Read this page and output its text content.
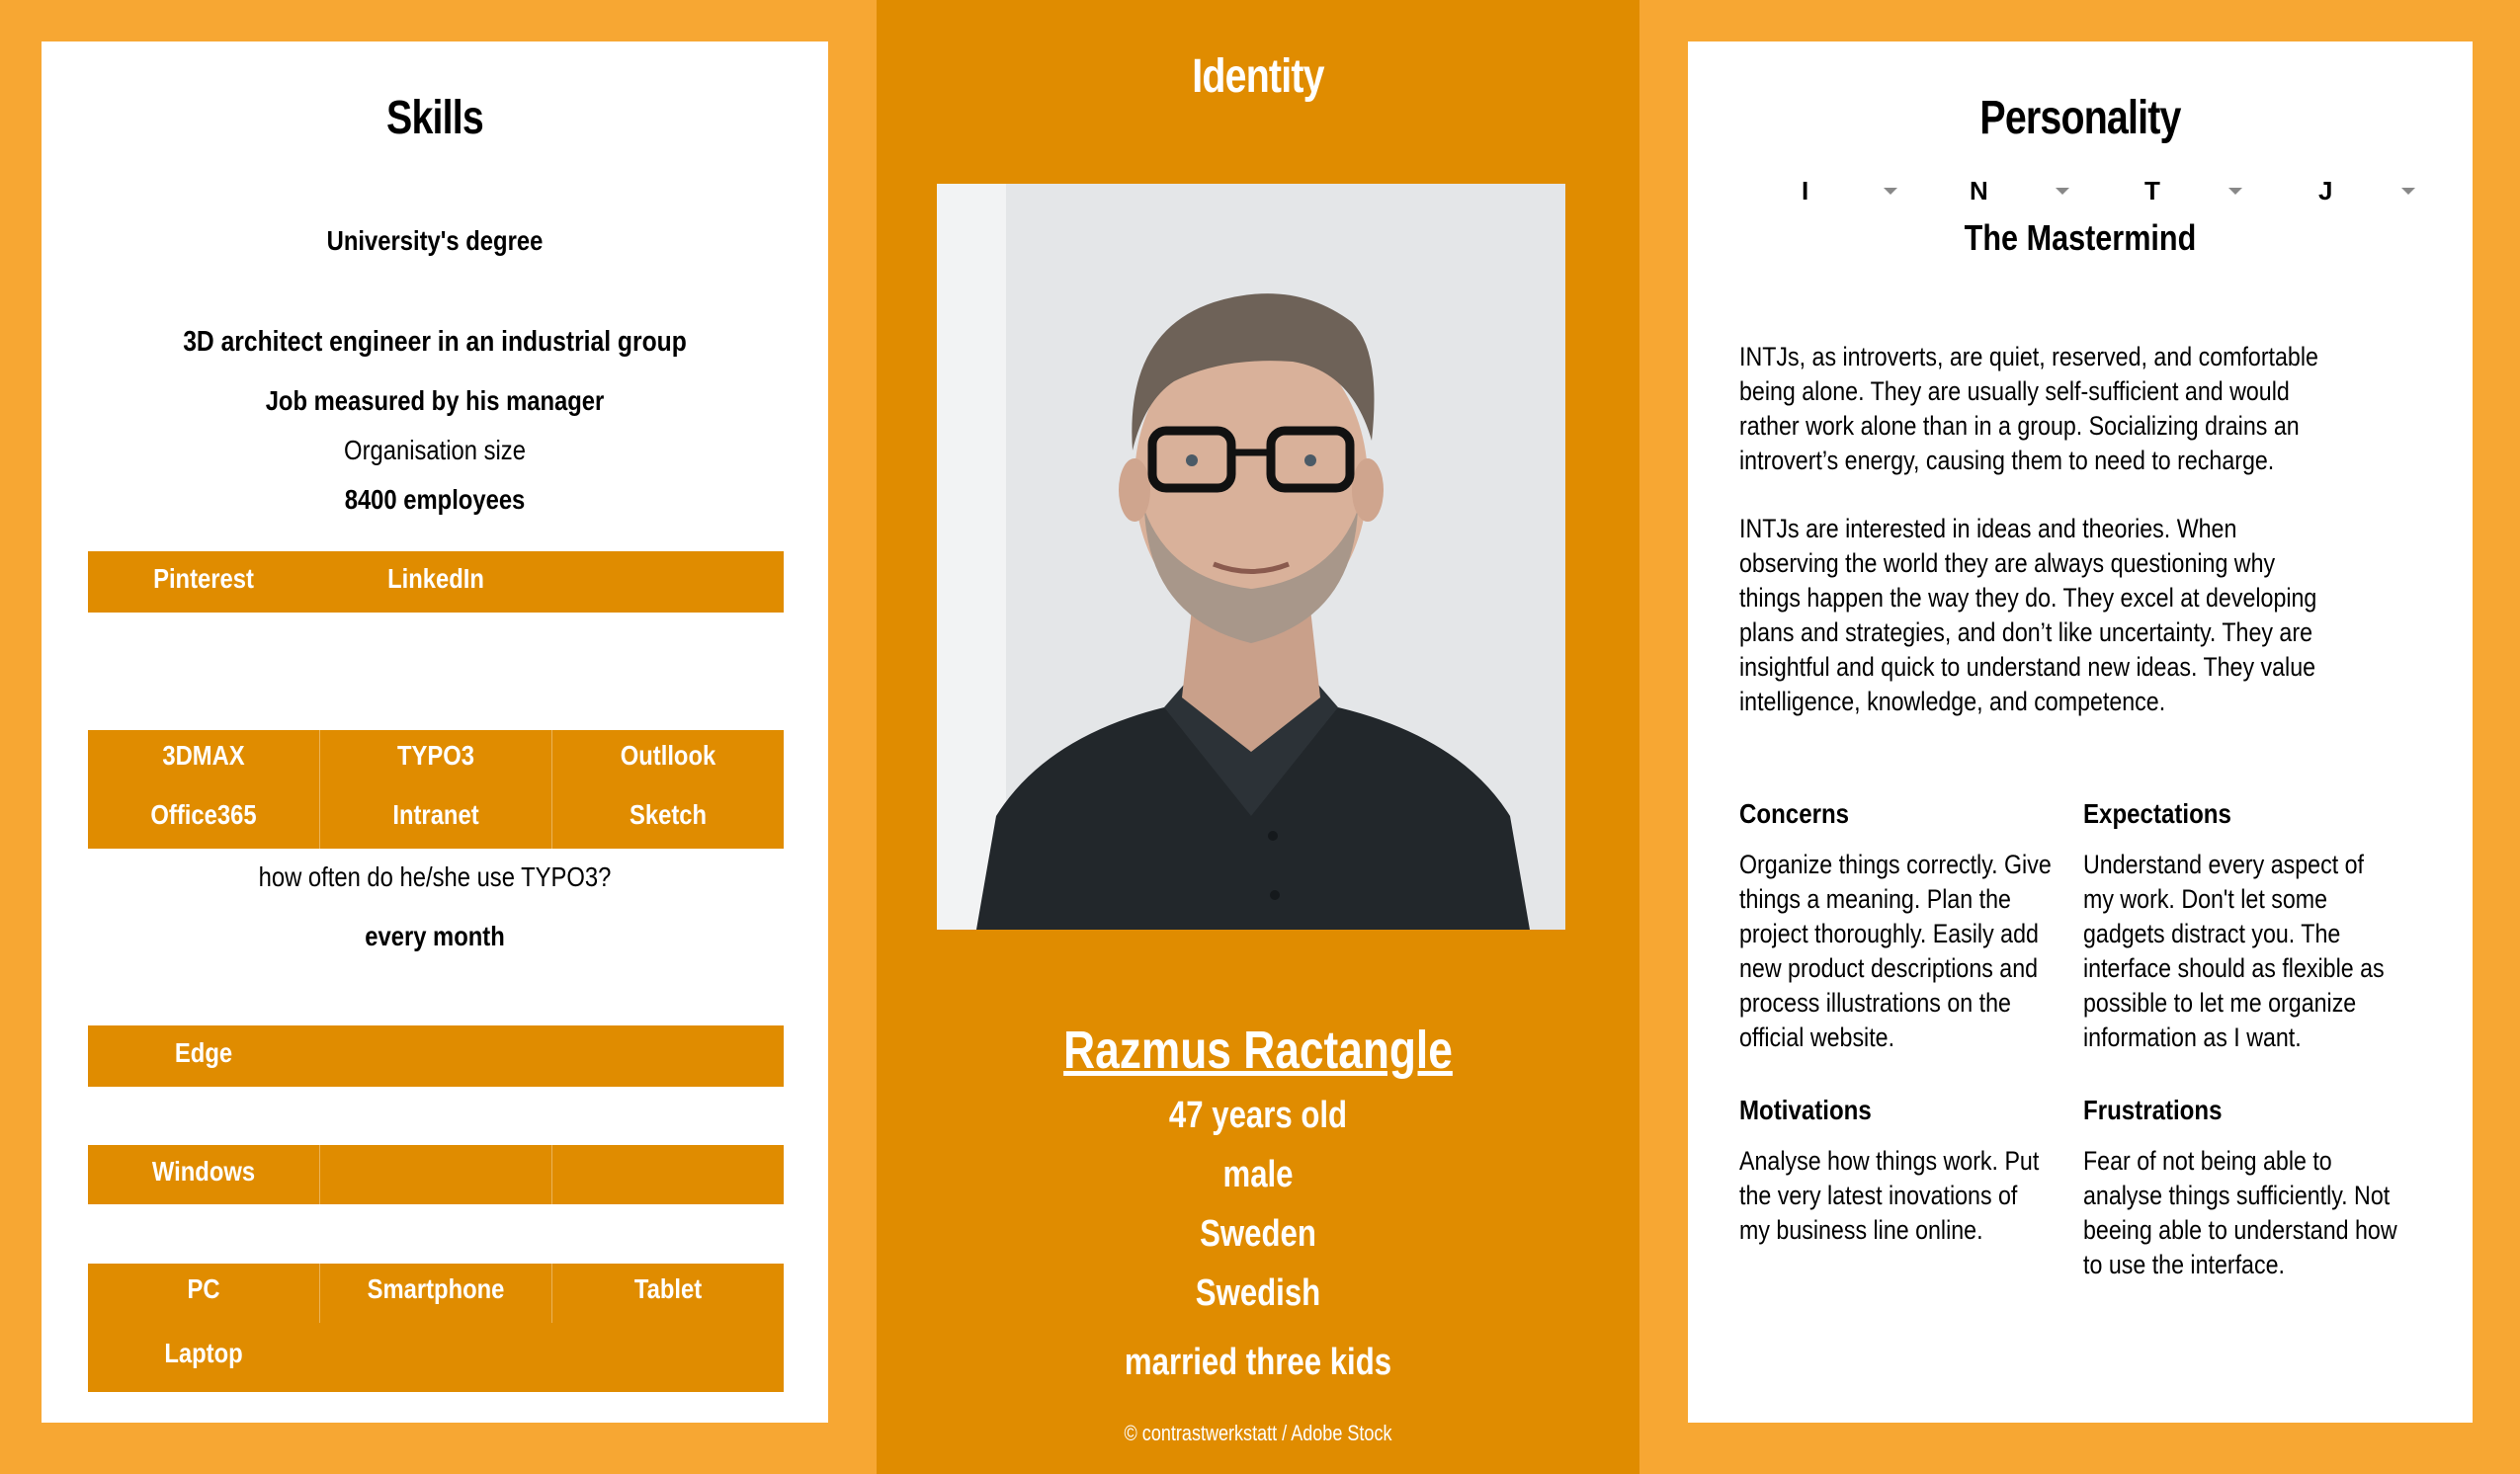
Skills
University's degree
3D architect engineer in an industrial group
Job measured by his manager
Organisation size
8400 employees
Pinterest	LinkedIn
3DMAX	TYPO3	Outllook
Office365	Intranet	Sketch
how often do he/she use TYPO3?
every month
Edge
Windows
PC	Smartphone	Tablet
Laptop
Identity
Razmus Ractangle
47 years old
male
Sweden
Swedish
married three kids
© contrastwerkstatt / Adobe Stock
Personality
I	N	T	J
The Mastermind
INTJs, as introverts, are quiet, reserved, and comfortable being alone. They are usually self-sufficient and would rather work alone than in a group. Socializing drains an introvert’s energy, causing them to need to recharge.
INTJs are interested in ideas and theories. When observing the world they are always questioning why things happen the way they do. They excel at developing plans and strategies, and don’t like uncertainty. They are insightful and quick to understand new ideas. They value intelligence, knowledge, and competence.
Concerns
Organize things correctly. Give things a meaning. Plan the project thoroughly. Easily add new product descriptions and process illustrations on the official website.
Expectations
Understand every aspect of my work. Don't let some gadgets distract you. The interface should as flexible as possible to let me organize information as I want.
Motivations
Analyse how things work. Put the very latest inovations of my business line online.
Frustrations
Fear of not being able to analyse things sufficiently. Not beeing able to understand how to use the interface.
